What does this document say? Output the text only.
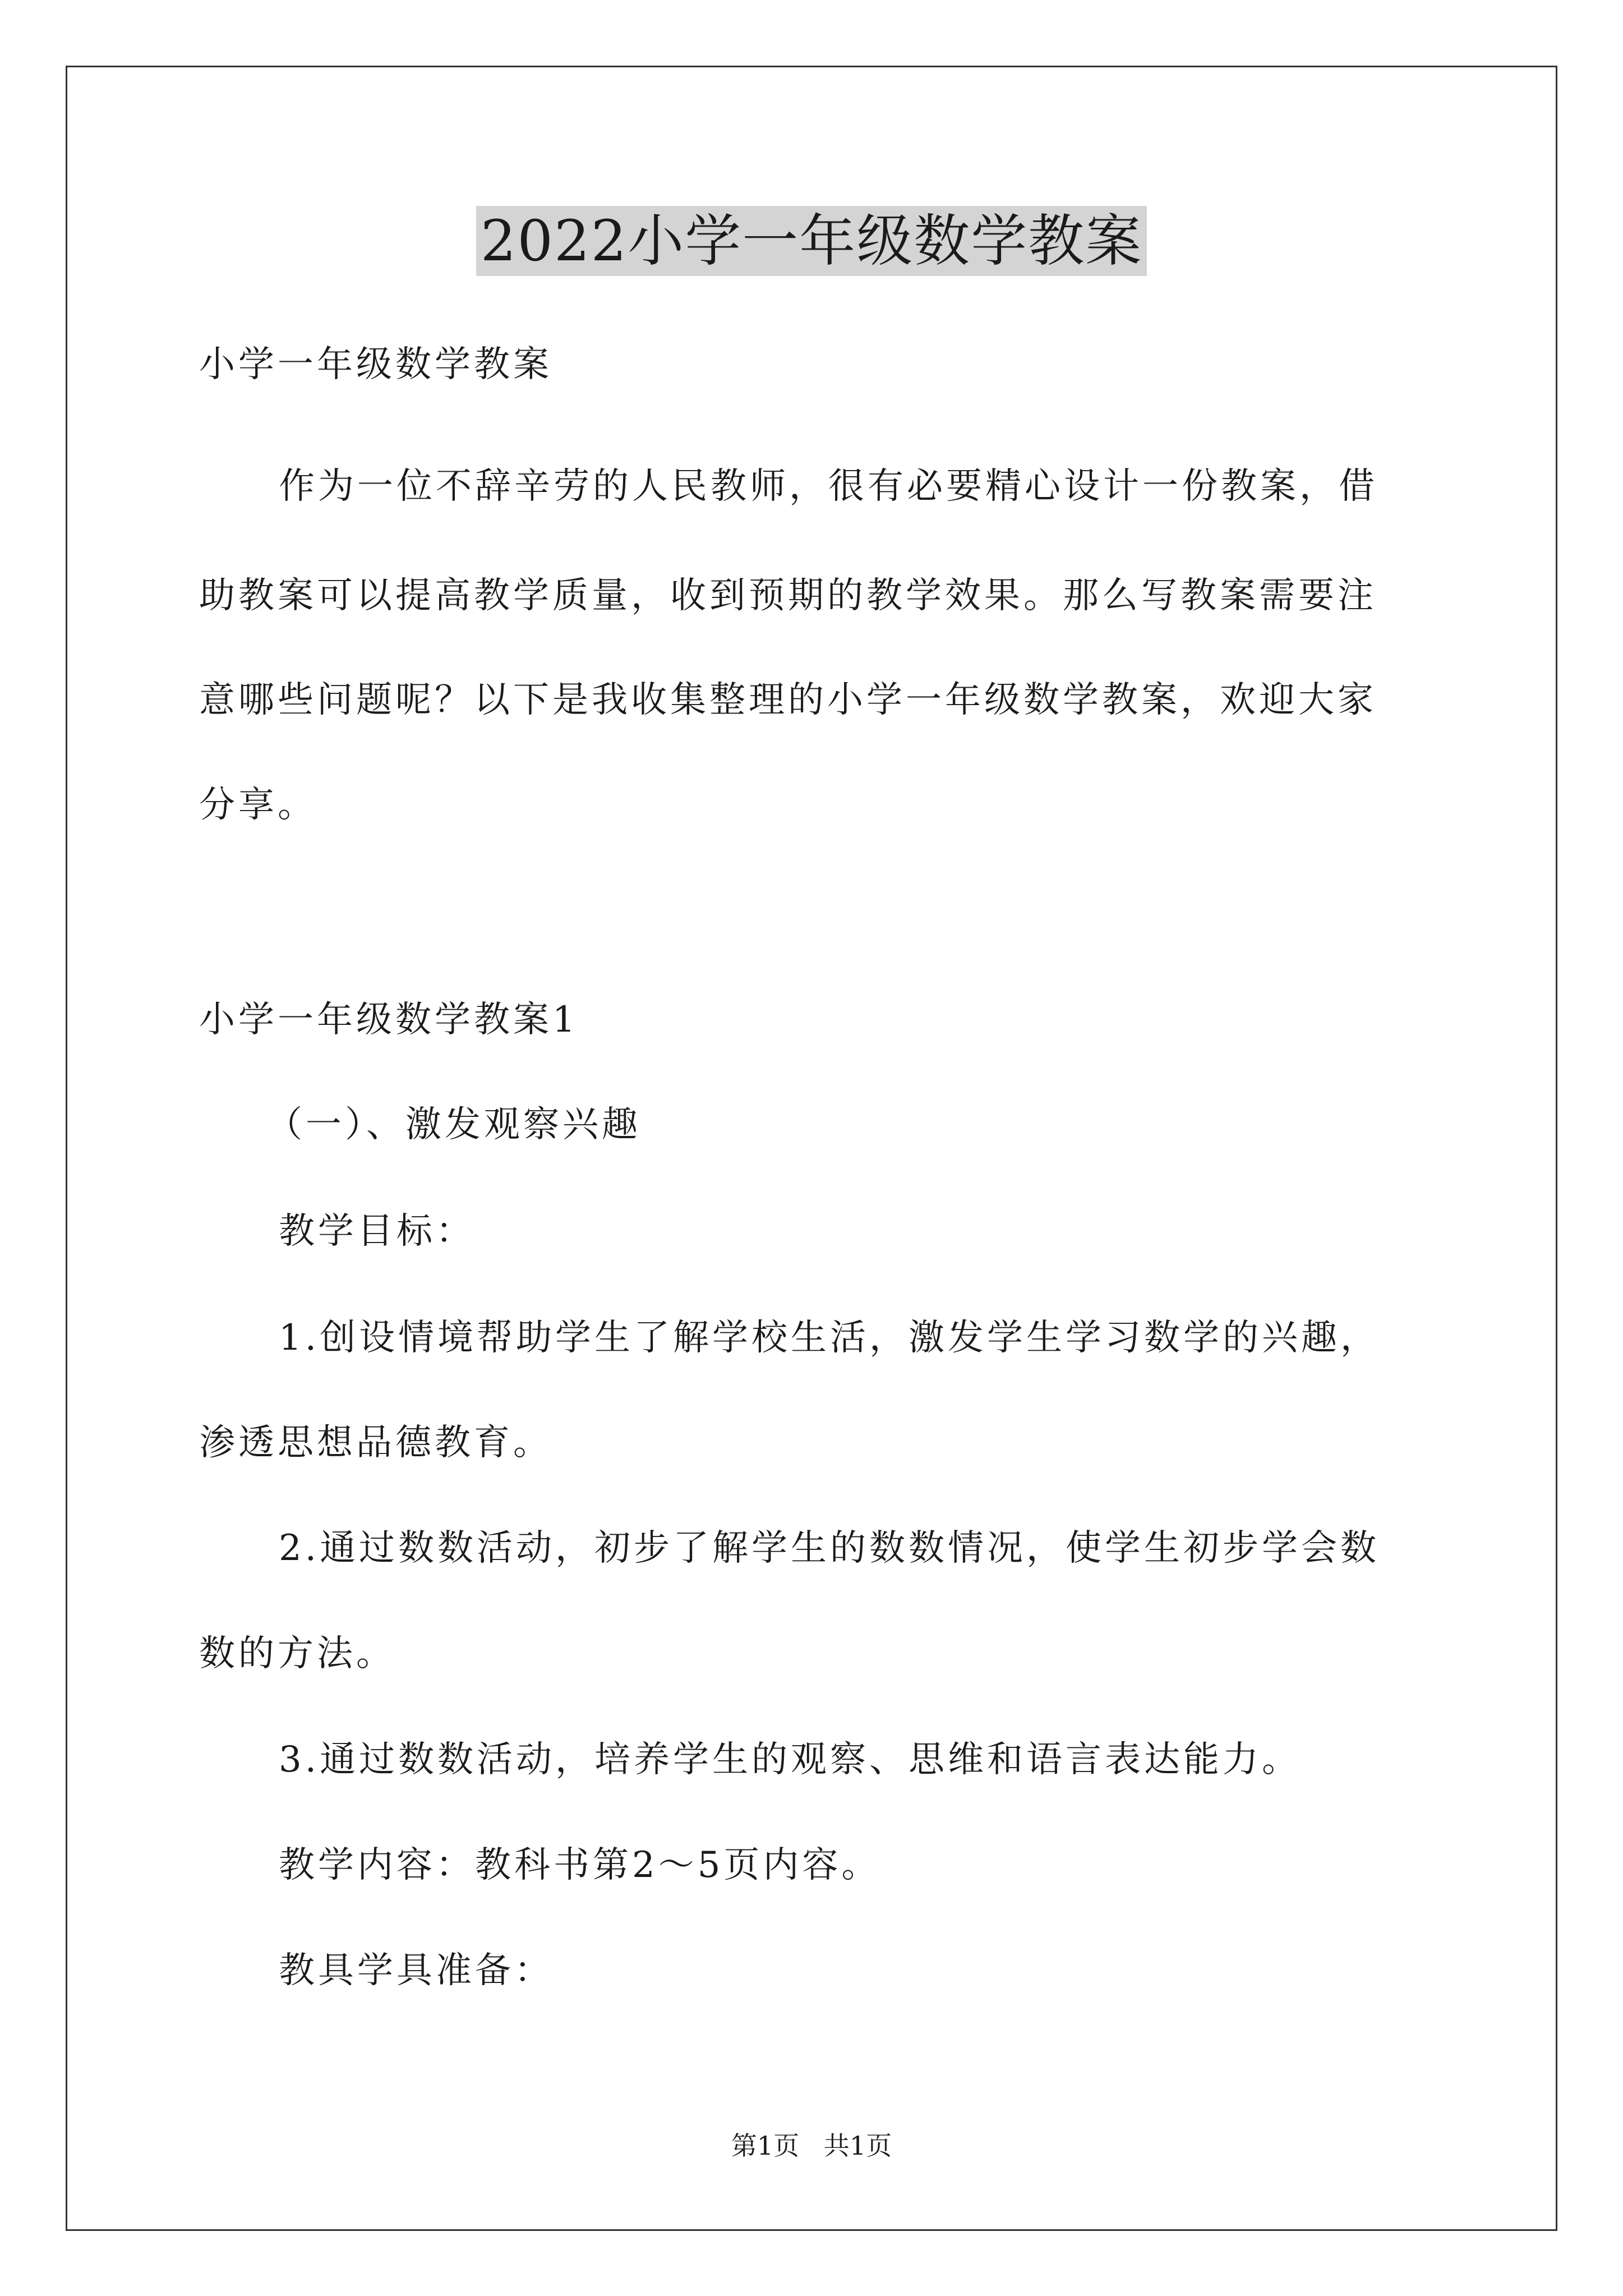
2022小学一年级数学教案
小学一年级数学教案
作为一位不辞辛劳的人民教师，很有必要精心设计一份教案，借
助教案可以提高教学质量，收到预期的教学效果。那么写教案需要注
意哪些问题呢？以下是我收集整理的小学一年级数学教案，欢迎大家
分享。
小学一年级数学教案1
（一）、激发观察兴趣
教学目标：
1.创设情境帮助学生了解学校生活，激发学生学习数学的兴趣，
渗透思想品德教育。
2.通过数数活动，初步了解学生的数数情况，使学生初步学会数
数的方法。
3.通过数数活动，培养学生的观察、思维和语言表达能力。
教学内容：教科书第2～5页内容。
教具学具准备：
第1页   共1页
